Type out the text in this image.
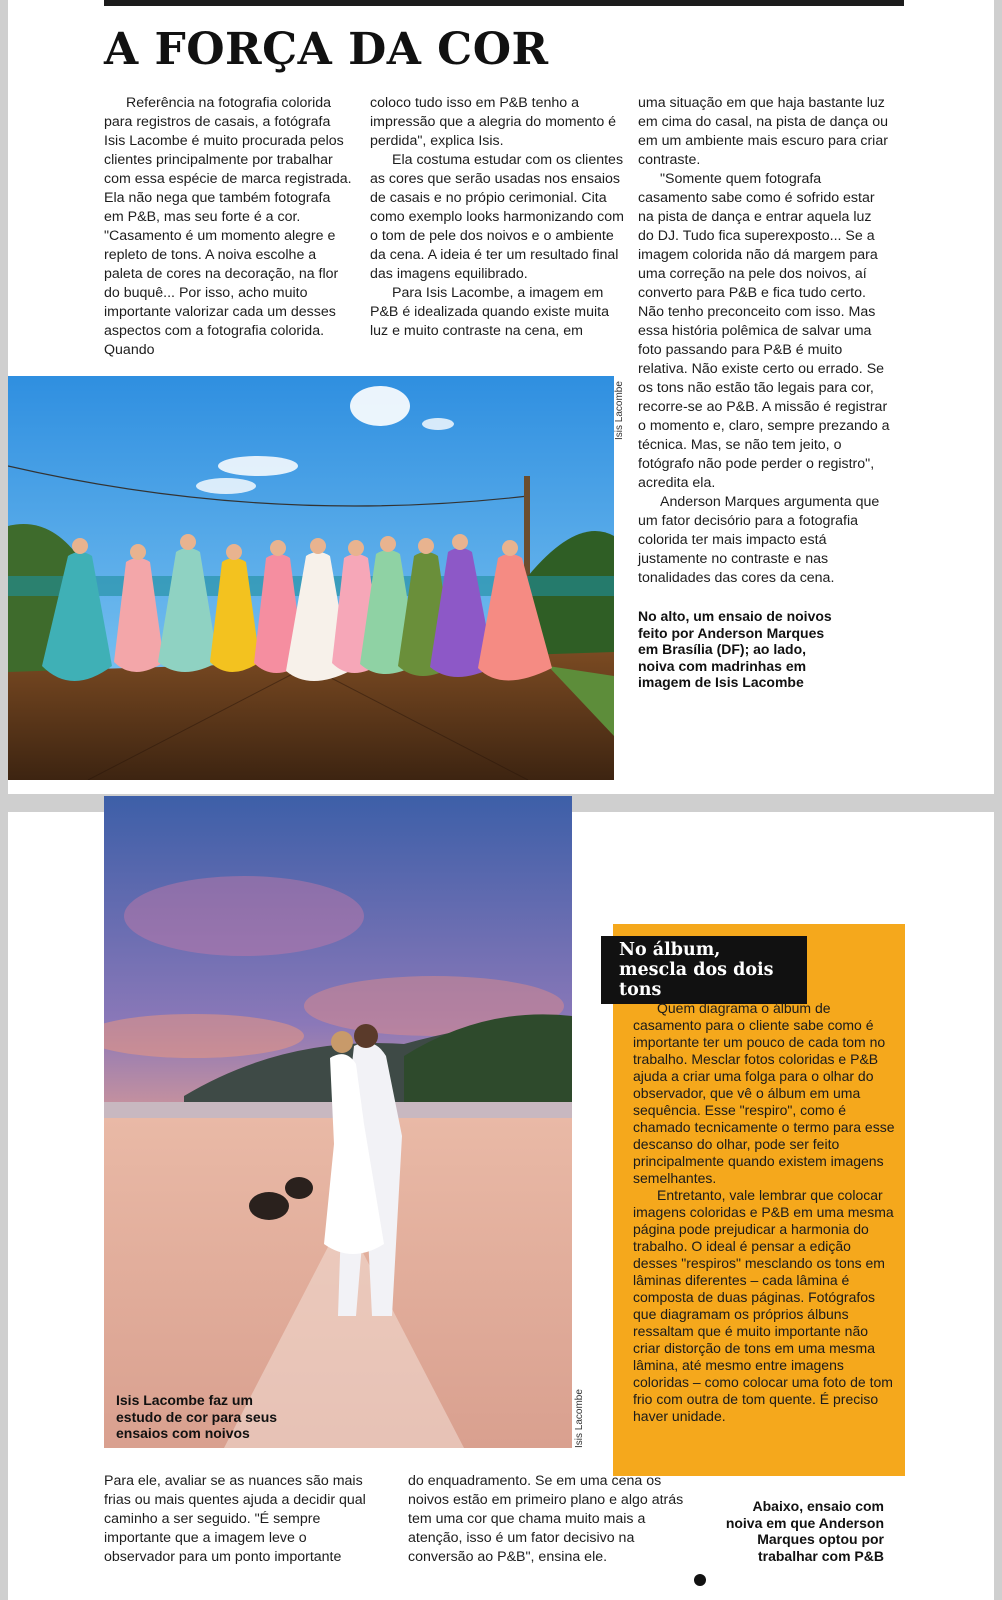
A FORÇA DA COR

Referência na fotografia colorida para registros de casais, a fotógrafa Isis Lacombe é muito procurada pelos clientes principalmente por trabalhar com essa espécie de marca registrada. Ela não nega que também fotografa em P&B, mas seu forte é a cor. "Casamento é um momento alegre e repleto de tons. A noiva escolhe a paleta de cores na decoração, na flor do buquê... Por isso, acho muito importante valorizar cada um desses aspectos com a fotografia colorida. Quando

coloco tudo isso em P&B tenho a impressão que a alegria do momento é perdida", explica Isis.

Ela costuma estudar com os clientes as cores que serão usadas nos ensaios de casais e no própio cerimonial. Cita como exemplo looks harmonizando com o tom de pele dos noivos e o ambiente da cena. A ideia é ter um resultado final das imagens equilibrado.

Para Isis Lacombe, a imagem em P&B é idealizada quando existe muita luz e muito contraste na cena, em

uma situação em que haja bastante luz em cima do casal, na pista de dança ou em um ambiente mais escuro para criar contraste.

"Somente quem fotografa casamento sabe como é sofrido estar na pista de dança e entrar aquela luz do DJ. Tudo fica superexposto... Se a imagem colorida não dá margem para uma correção na pele dos noivos, aí converto para P&B e fica tudo certo. Não tenho preconceito com isso. Mas essa história polêmica de salvar uma foto passando para P&B é muito relativa. Não existe certo ou errado. Se os tons não estão tão legais para cor, recorre-se ao P&B. A missão é registrar o momento e, claro, sempre prezando a técnica. Mas, se não tem jeito, o fotógrafo não pode perder o registro", acredita ela.

Anderson Marques argumenta que um fator decisório para a fotografia colorida ter mais impacto está justamente no contraste e nas tonalidades das cores da cena.

Isis Lacombe
No alto, um ensaio de noivos feito por Anderson Marques em Brasília (DF); ao lado, noiva com madrinhas em imagem de Isis Lacombe
Isis Lacombe faz um estudo de cor para seus ensaios com noivos	Isis Lacombe
No álbum, mescla dos dois tons

Quem diagrama o álbum de casamento para o cliente sabe como é importante ter um pouco de cada tom no trabalho. Mesclar fotos coloridas e P&B ajuda a criar uma folga para o olhar do observador, que vê o álbum em uma sequência. Esse "respiro", como é chamado tecnicamente o termo para esse descanso do olhar, pode ser feito principalmente quando existem imagens semelhantes.

Entretanto, vale lembrar que colocar imagens coloridas e P&B em uma mesma página pode prejudicar a harmonia do trabalho. O ideal é pensar a edição desses "respiros" mesclando os tons em lâminas diferentes – cada lâmina é composta de duas páginas. Fotógrafos que diagramam os próprios álbuns ressaltam que é muito importante não criar distorção de tons em uma mesma lâmina, até mesmo entre imagens coloridas – como colocar uma foto de tom frio com outra de tom quente. É preciso haver unidade.

Para ele, avaliar se as nuances são mais frias ou mais quentes ajuda a decidir qual caminho a ser seguido. "É sempre importante que a imagem leve o observador para um ponto importante

do enquadramento. Se em uma cena os noivos estão em primeiro plano e algo atrás tem uma cor que chama muito mais a atenção, isso é um fator decisivo na conversão ao P&B", ensina ele.

Abaixo, ensaio com noiva em que Anderson Marques optou por trabalhar com P&B
